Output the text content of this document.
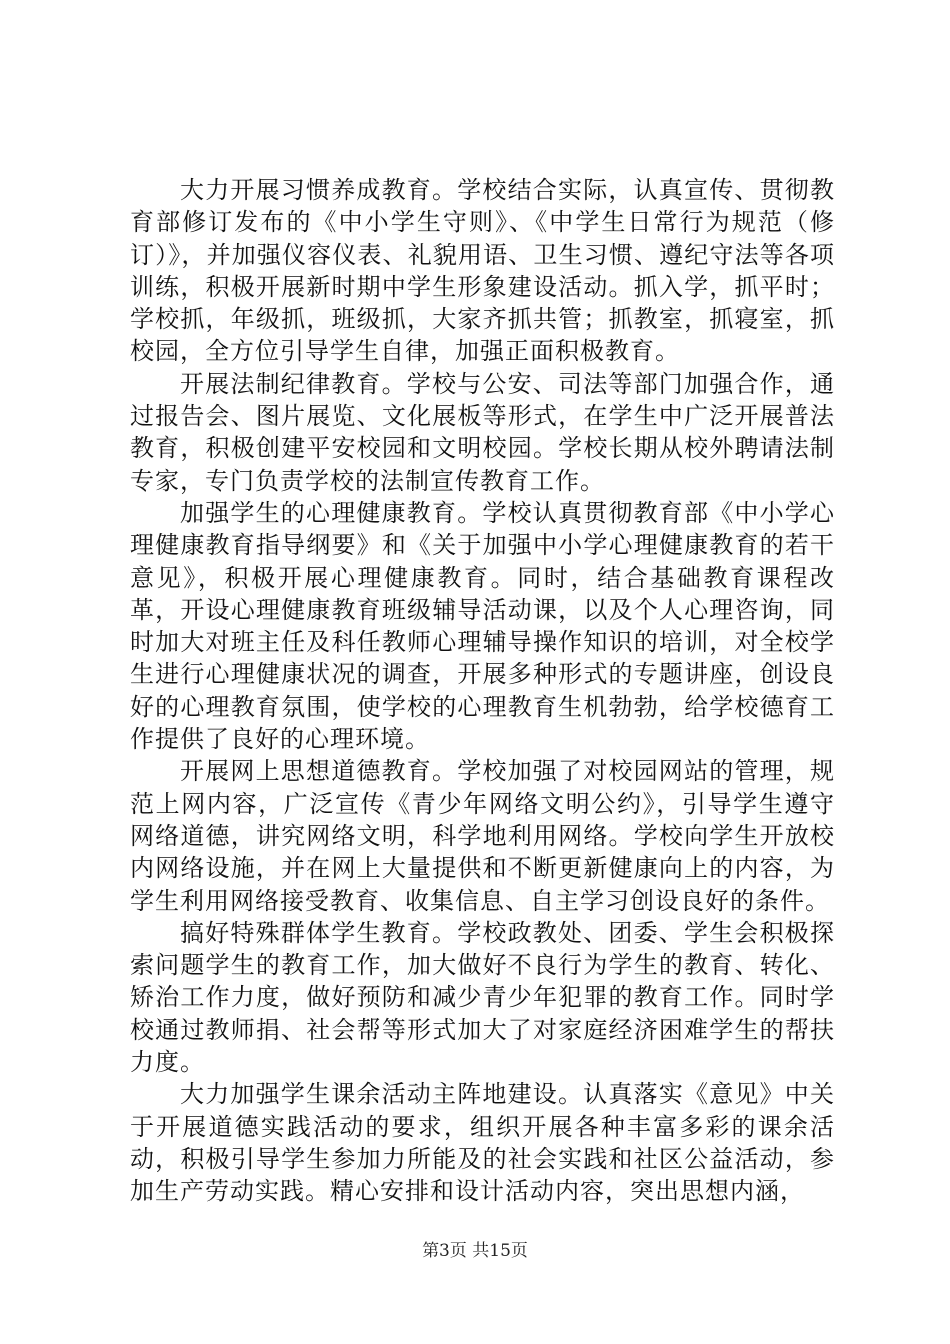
大力开展习惯养成教育。学校结合实际，认真宣传、贯彻教育部修订发布的《中小学生守则》、《中学生日常行为规范（修订）》，并加强仪容仪表、礼貌用语、卫生习惯、遵纪守法等各项训练，积极开展新时期中学生形象建设活动。抓入学，抓平时；学校抓，年级抓，班级抓，大家齐抓共管；抓教室，抓寝室，抓校园，全方位引导学生自律，加强正面积极教育。

开展法制纪律教育。学校与公安、司法等部门加强合作，通过报告会、图片展览、文化展板等形式，在学生中广泛开展普法教育，积极创建平安校园和文明校园。学校长期从校外聘请法制专家，专门负责学校的法制宣传教育工作。

加强学生的心理健康教育。学校认真贯彻教育部《中小学心理健康教育指导纲要》和《关于加强中小学心理健康教育的若干意见》，积极开展心理健康教育。同时，结合基础教育课程改革，开设心理健康教育班级辅导活动课，以及个人心理咨询，同时加大对班主任及科任教师心理辅导操作知识的培训，对全校学生进行心理健康状况的调查，开展多种形式的专题讲座，创设良好的心理教育氛围，使学校的心理教育生机勃勃，给学校德育工作提供了良好的心理环境。

开展网上思想道德教育。学校加强了对校园网站的管理，规范上网内容，广泛宣传《青少年网络文明公约》，引导学生遵守网络道德，讲究网络文明，科学地利用网络。学校向学生开放校内网络设施，并在网上大量提供和不断更新健康向上的内容，为学生利用网络接受教育、收集信息、自主学习创设良好的条件。

搞好特殊群体学生教育。学校政教处、团委、学生会积极探索问题学生的教育工作，加大做好不良行为学生的教育、转化、矫治工作力度，做好预防和减少青少年犯罪的教育工作。同时学校通过教师捐、社会帮等形式加大了对家庭经济困难学生的帮扶力度。

大力加强学生课余活动主阵地建设。认真落实《意见》中关于开展道德实践活动的要求，组织开展各种丰富多彩的课余活动，积极引导学生参加力所能及的社会实践和社区公益活动，参加生产劳动实践。精心安排和设计活动内容，突出思想内涵，

第3页 共15页
